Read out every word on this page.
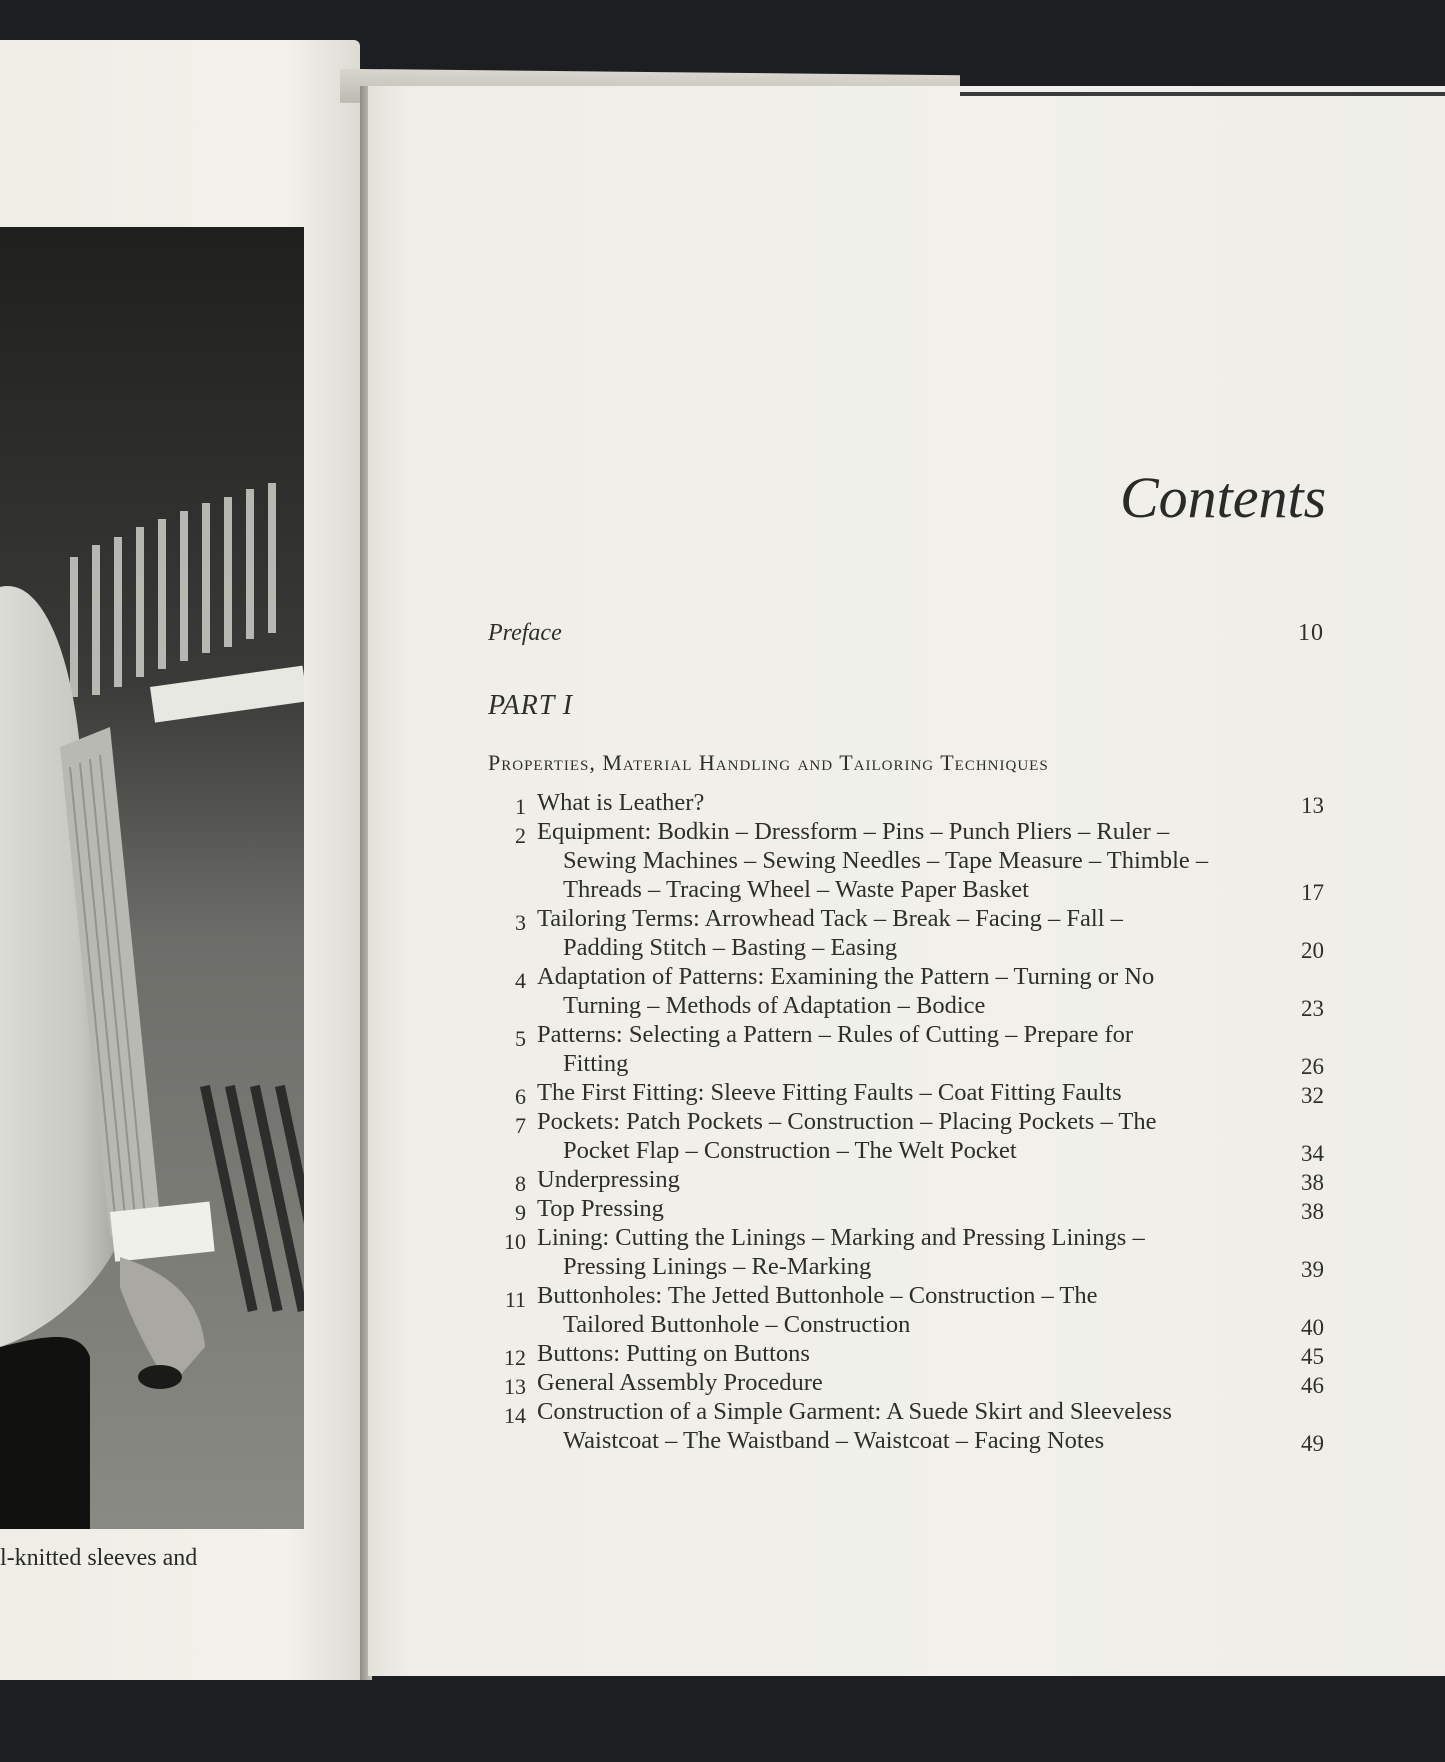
l-knitted sleeves and
Contents
Preface	10
PART I
Properties, Material Handling and Tailoring Techniques
1 What is Leather?	13
2 Equipment: Bodkin – Dressform – Pins – Punch Pliers – Ruler –
Sewing Machines – Sewing Needles – Tape Measure – Thimble –
Threads – Tracing Wheel – Waste Paper Basket	17
3 Tailoring Terms: Arrowhead Tack – Break – Facing – Fall –
Padding Stitch – Basting – Easing	20
4 Adaptation of Patterns: Examining the Pattern – Turning or No
Turning – Methods of Adaptation – Bodice	23
5 Patterns: Selecting a Pattern – Rules of Cutting – Prepare for
Fitting	26
6 The First Fitting: Sleeve Fitting Faults – Coat Fitting Faults	32
7 Pockets: Patch Pockets – Construction – Placing Pockets – The
Pocket Flap – Construction – The Welt Pocket	34
8 Underpressing	38
9 Top Pressing	38
10 Lining: Cutting the Linings – Marking and Pressing Linings –
Pressing Linings – Re-Marking	39
11 Buttonholes: The Jetted Buttonhole – Construction – The
Tailored Buttonhole – Construction	40
12 Buttons: Putting on Buttons	45
13 General Assembly Procedure	46
14 Construction of a Simple Garment: A Suede Skirt and Sleeveless
Waistcoat – The Waistband – Waistcoat – Facing Notes	49
